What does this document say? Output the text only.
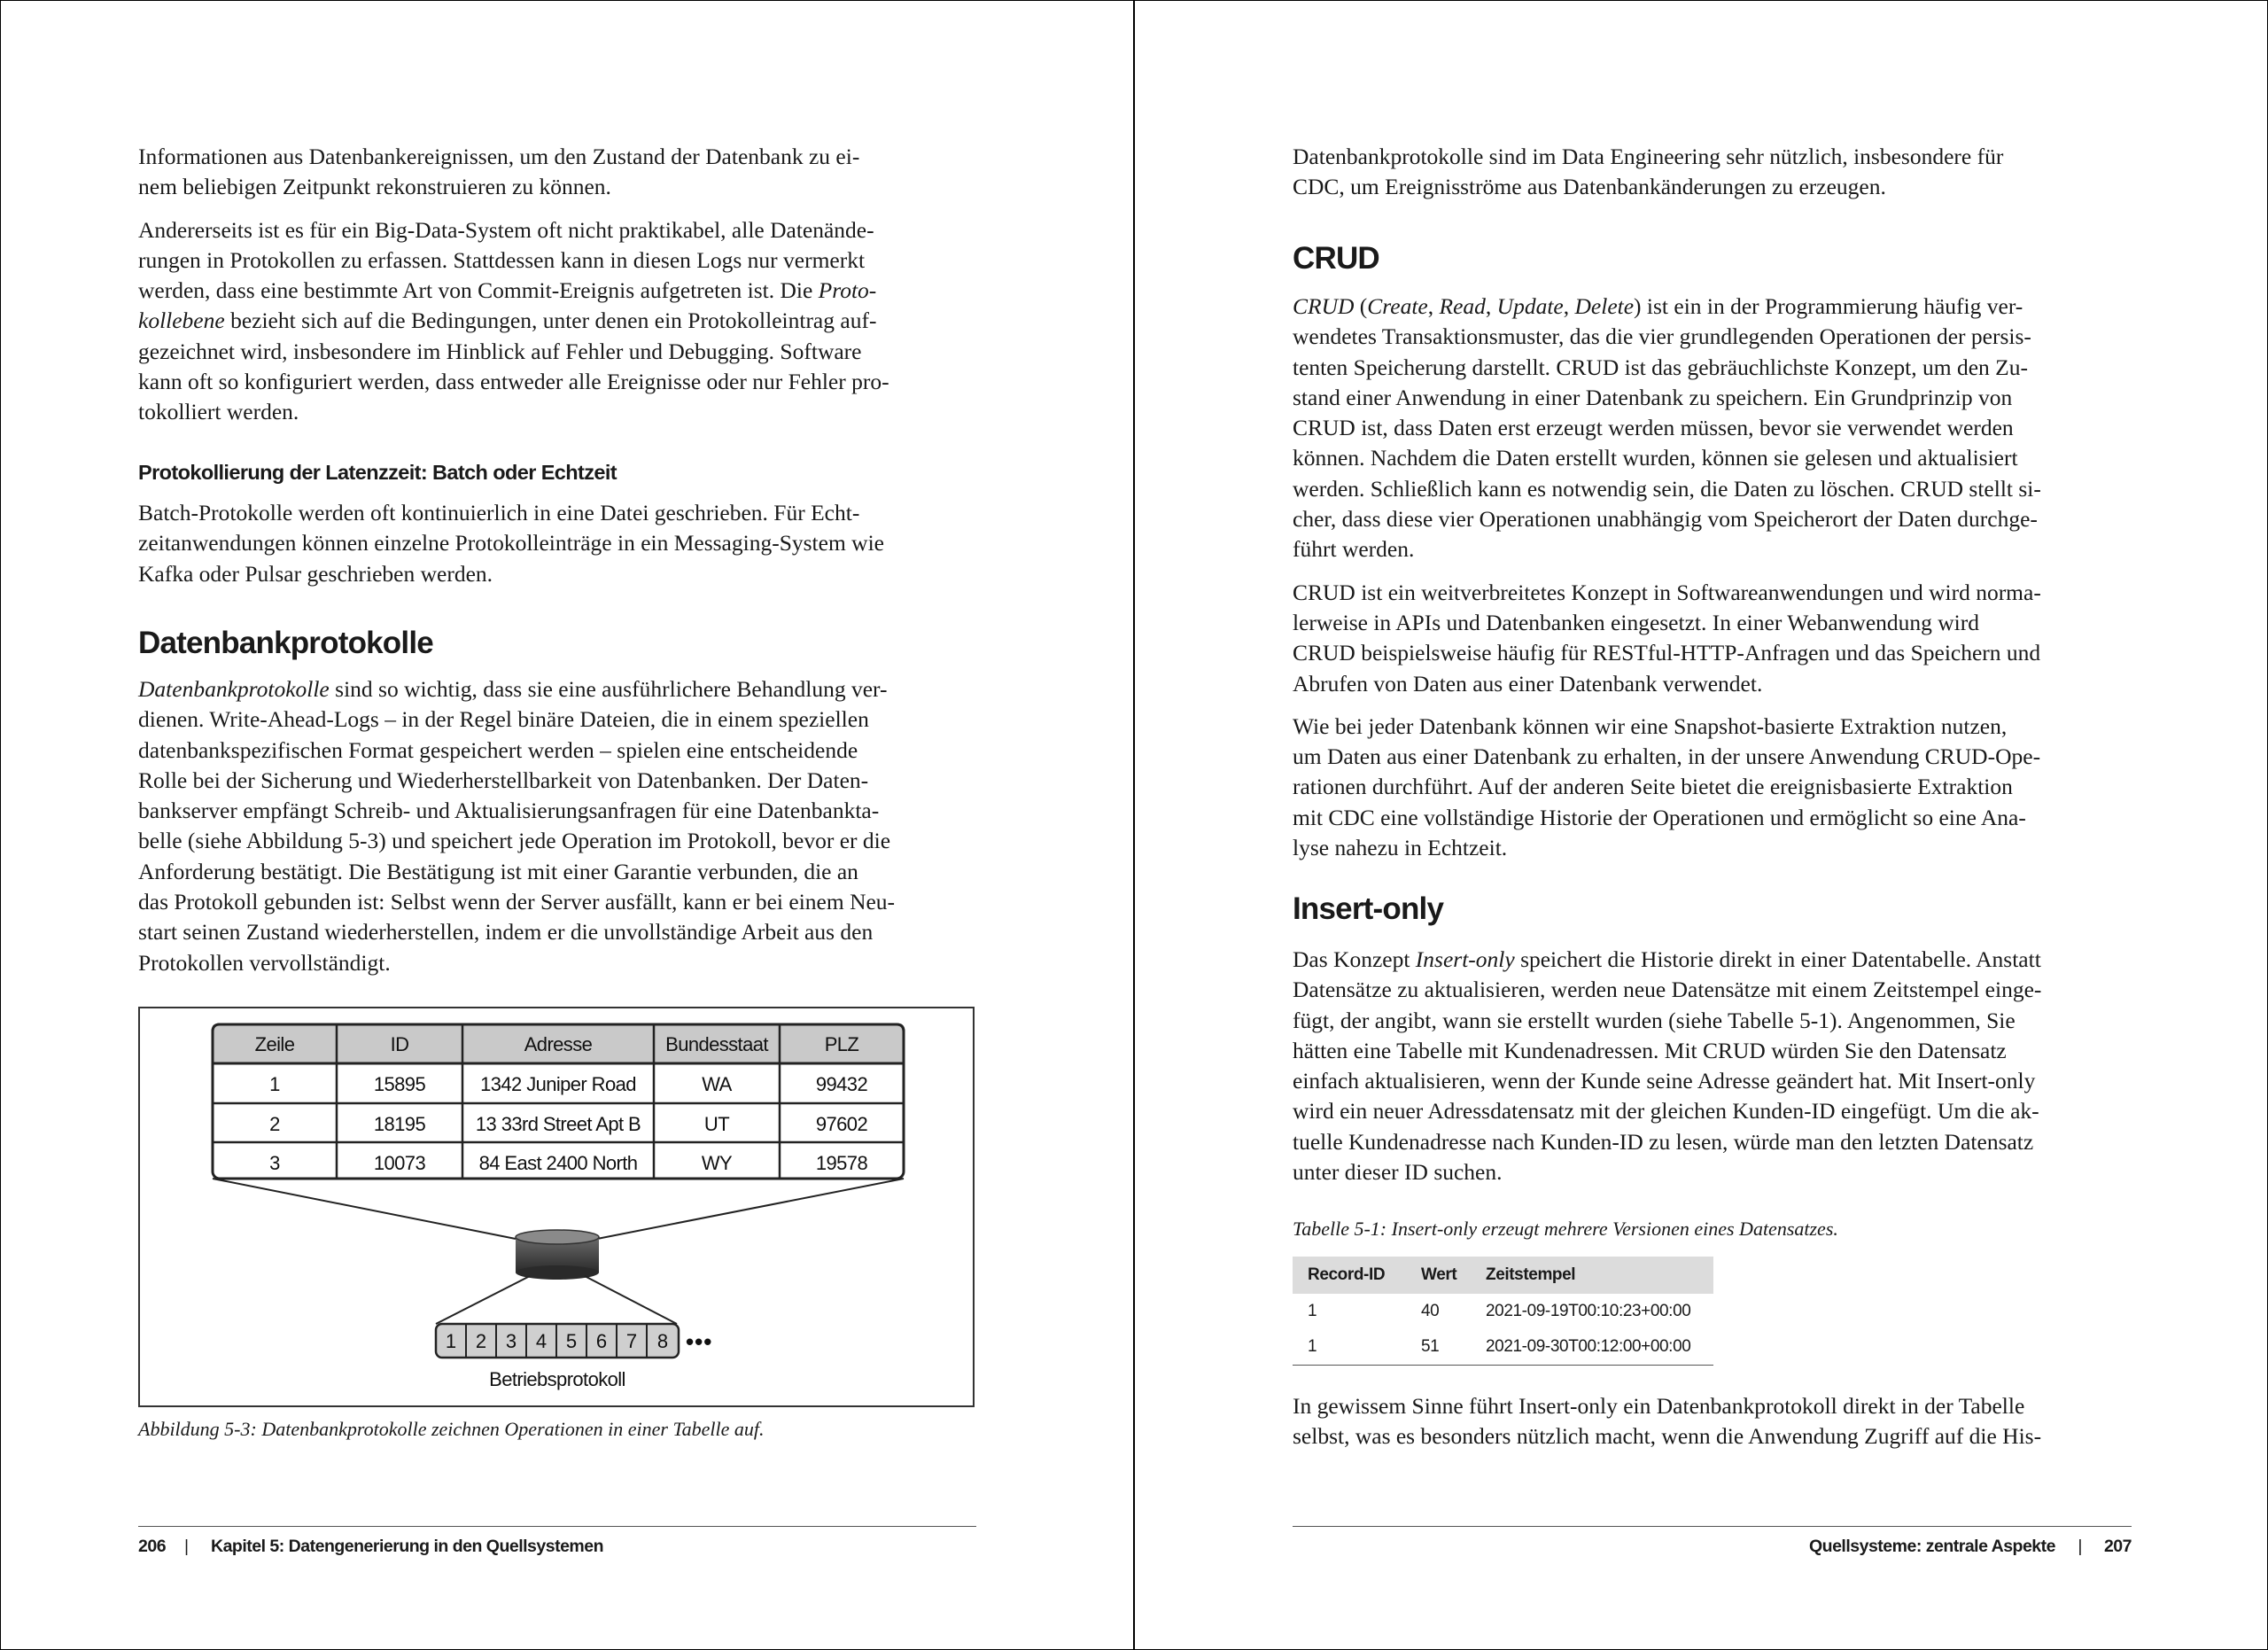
Informationen aus Datenbankereignissen, um den Zustand der Datenbank zu ei-
nem beliebigen Zeitpunkt rekonstruieren zu können.

Andererseits ist es für ein Big-Data-System oft nicht praktikabel, alle Datenände-
rungen in Protokollen zu erfassen. Stattdessen kann in diesen Logs nur vermerkt
werden, dass eine bestimmte Art von Commit-Ereignis aufgetreten ist. Die Proto-
kollebene bezieht sich auf die Bedingungen, unter denen ein Protokolleintrag auf-
gezeichnet wird, insbesondere im Hinblick auf Fehler und Debugging. Software
kann oft so konfiguriert werden, dass entweder alle Ereignisse oder nur Fehler pro-
tokolliert werden.

Protokollierung der Latenzzeit: Batch oder Echtzeit

Batch-Protokolle werden oft kontinuierlich in eine Datei geschrieben. Für Echt-
zeitanwendungen können einzelne Protokolleinträge in ein Messaging-System wie
Kafka oder Pulsar geschrieben werden.

Datenbankprotokolle

Datenbankprotokolle sind so wichtig, dass sie eine ausführlichere Behandlung ver-
dienen. Write-Ahead-Logs – in der Regel binäre Dateien, die in einem speziellen
datenbankspezifischen Format gespeichert werden – spielen eine entscheidende
Rolle bei der Sicherung und Wiederherstellbarkeit von Datenbanken. Der Daten-
bankserver empfängt Schreib- und Aktualisierungsanfragen für eine Datenbankta-
belle (siehe Abbildung 5-3) und speichert jede Operation im Protokoll, bevor er die
Anforderung bestätigt. Die Bestätigung ist mit einer Garantie verbunden, die an
das Protokoll gebunden ist: Selbst wenn der Server ausfällt, kann er bei einem Neu-
start seinen Zustand wiederherstellen, indem er die unvollständige Arbeit aus den
Protokollen vervollständigt.

Zeile	ID	Adresse	Bundesstaat	PLZ
1	15895	1342 Juniper Road	WA	99432
2	18195	13 33rd Street Apt B	UT	97602
3	10073	84 East 2400 North	WY	19578
1 2 3 4 5 6 7 8 •••
Betriebsprotokoll

Abbildung 5-3: Datenbankprotokolle zeichnen Operationen in einer Tabelle auf.

206 | Kapitel 5: Datengenerierung in den Quellsystemen

Datenbankprotokolle sind im Data Engineering sehr nützlich, insbesondere für
CDC, um Ereignisströme aus Datenbankänderungen zu erzeugen.

CRUD

CRUD (Create, Read, Update, Delete) ist ein in der Programmierung häufig ver-
wendetes Transaktionsmuster, das die vier grundlegenden Operationen der persis-
tenten Speicherung darstellt. CRUD ist das gebräuchlichste Konzept, um den Zu-
stand einer Anwendung in einer Datenbank zu speichern. Ein Grundprinzip von
CRUD ist, dass Daten erst erzeugt werden müssen, bevor sie verwendet werden
können. Nachdem die Daten erstellt wurden, können sie gelesen und aktualisiert
werden. Schließlich kann es notwendig sein, die Daten zu löschen. CRUD stellt si-
cher, dass diese vier Operationen unabhängig vom Speicherort der Daten durchge-
führt werden.

CRUD ist ein weitverbreitetes Konzept in Softwareanwendungen und wird norma-
lerweise in APIs und Datenbanken eingesetzt. In einer Webanwendung wird
CRUD beispielsweise häufig für RESTful-HTTP-Anfragen und das Speichern und
Abrufen von Daten aus einer Datenbank verwendet.

Wie bei jeder Datenbank können wir eine Snapshot-basierte Extraktion nutzen,
um Daten aus einer Datenbank zu erhalten, in der unsere Anwendung CRUD-Ope-
rationen durchführt. Auf der anderen Seite bietet die ereignisbasierte Extraktion
mit CDC eine vollständige Historie der Operationen und ermöglicht so eine Ana-
lyse nahezu in Echtzeit.

Insert-only

Das Konzept Insert-only speichert die Historie direkt in einer Datentabelle. Anstatt
Datensätze zu aktualisieren, werden neue Datensätze mit einem Zeitstempel einge-
fügt, der angibt, wann sie erstellt wurden (siehe Tabelle 5-1). Angenommen, Sie
hätten eine Tabelle mit Kundenadressen. Mit CRUD würden Sie den Datensatz
einfach aktualisieren, wenn der Kunde seine Adresse geändert hat. Mit Insert-only
wird ein neuer Adressdatensatz mit der gleichen Kunden-ID eingefügt. Um die ak-
tuelle Kundenadresse nach Kunden-ID zu lesen, würde man den letzten Datensatz
unter dieser ID suchen.

Tabelle 5-1: Insert-only erzeugt mehrere Versionen eines Datensatzes.

Record-ID	Wert	Zeitstempel
1	40	2021-09-19T00:10:23+00:00
1	51	2021-09-30T00:12:00+00:00

In gewissem Sinne führt Insert-only ein Datenbankprotokoll direkt in der Tabelle
selbst, was es besonders nützlich macht, wenn die Anwendung Zugriff auf die His-

Quellsysteme: zentrale Aspekte | 207
